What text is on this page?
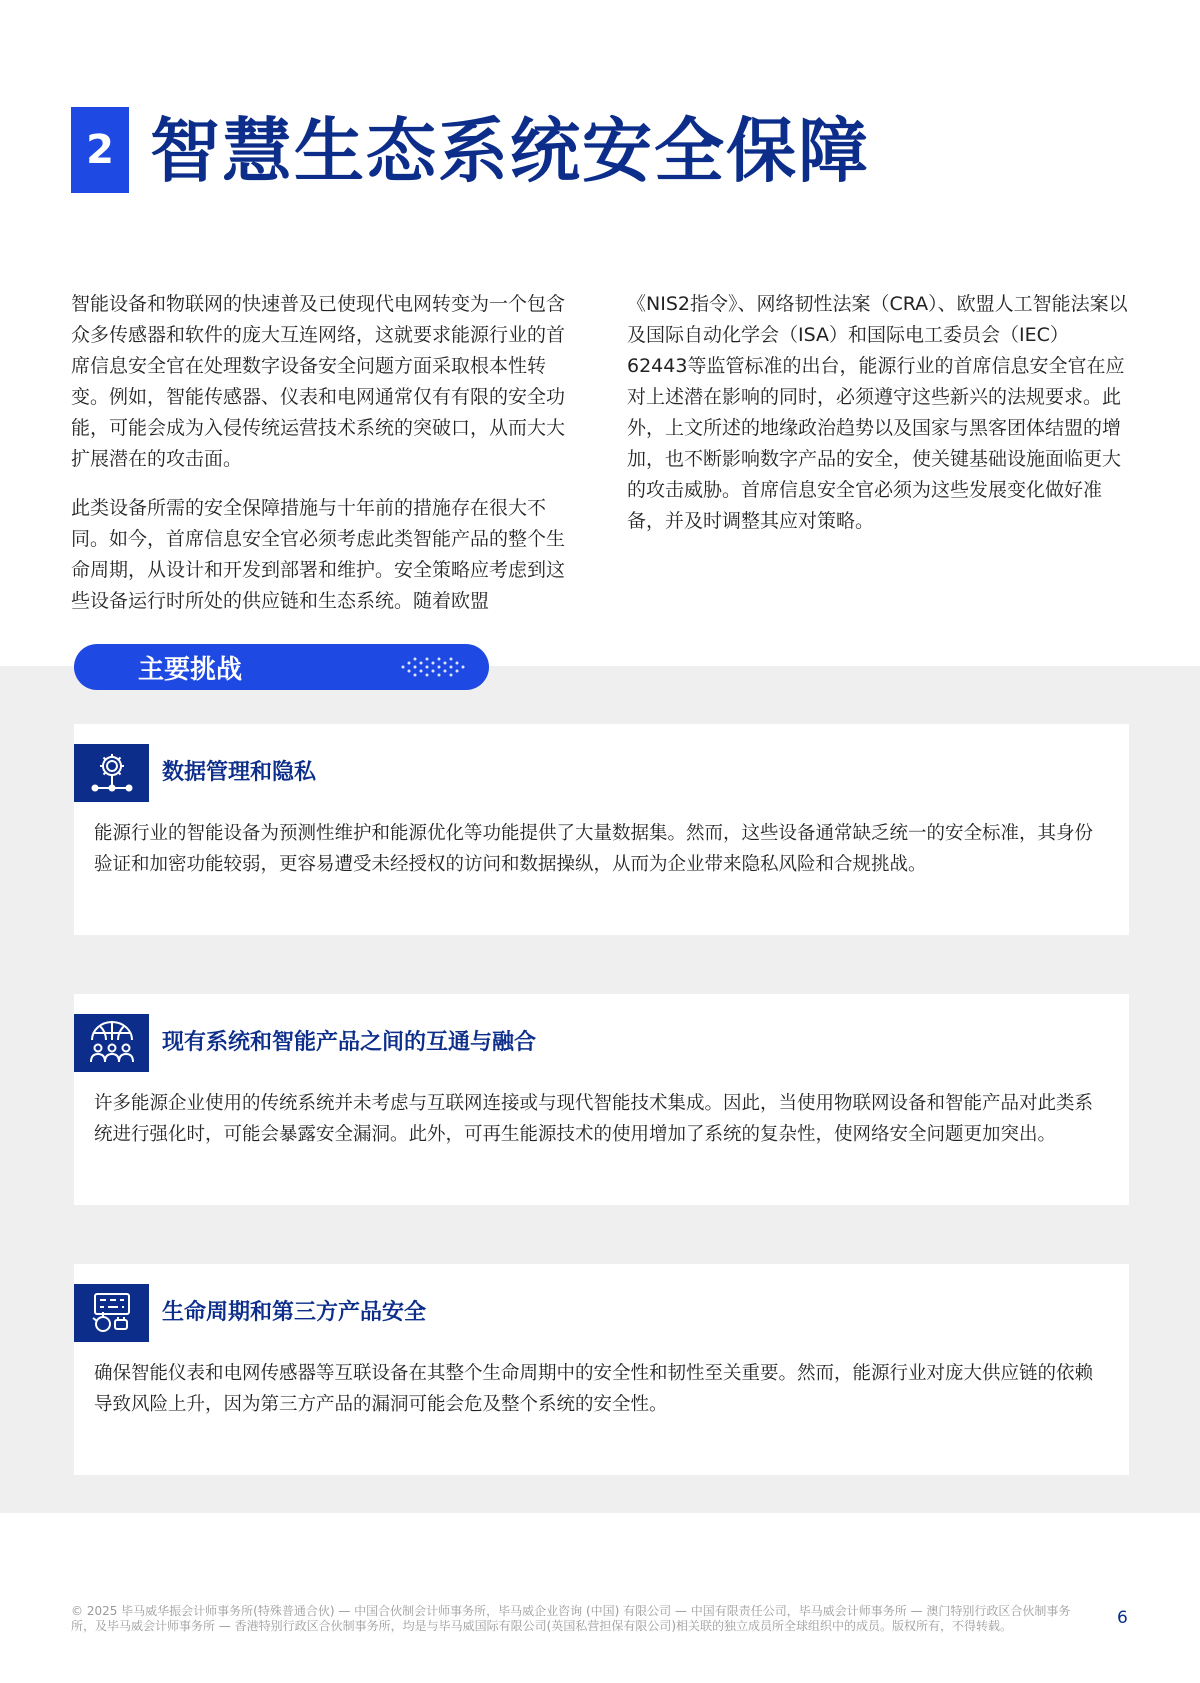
2 智慧生态系统安全保障

智能设备和物联网的快速普及已使现代电网转变为一个包含众多传感器和软件的庞大互连网络，这就要求能源行业的首席信息安全官在处理数字设备安全问题方面采取根本性转变。例如，智能传感器、仪表和电网通常仅有有限的安全功能，可能会成为入侵传统运营技术系统的突破口，从而大大扩展潜在的攻击面。

此类设备所需的安全保障措施与十年前的措施存在很大不同。如今，首席信息安全官必须考虑此类智能产品的整个生命周期，从设计和开发到部署和维护。安全策略应考虑到这些设备运行时所处的供应链和生态系统。随着欧盟

《NIS2指令》、网络韧性法案（CRA）、欧盟人工智能法案以及国际自动化学会（ISA）和国际电工委员会（IEC）62443等监管标准的出台，能源行业的首席信息安全官在应对上述潜在影响的同时，必须遵守这些新兴的法规要求。此外，上文所述的地缘政治趋势以及国家与黑客团体结盟的增加，也不断影响数字产品的安全，使关键基础设施面临更大的攻击威胁。首席信息安全官必须为这些发展变化做好准备，并及时调整其应对策略。

主要挑战
数据管理和隐私
能源行业的智能设备为预测性维护和能源优化等功能提供了大量数据集。然而，这些设备通常缺乏统一的安全标准，其身份验证和加密功能较弱，更容易遭受未经授权的访问和数据操纵，从而为企业带来隐私风险和合规挑战。
现有系统和智能产品之间的互通与融合
许多能源企业使用的传统系统并未考虑与互联网连接或与现代智能技术集成。因此，当使用物联网设备和智能产品对此类系统进行强化时，可能会暴露安全漏洞。此外，可再生能源技术的使用增加了系统的复杂性，使网络安全问题更加突出。
生命周期和第三方产品安全
确保智能仪表和电网传感器等互联设备在其整个生命周期中的安全性和韧性至关重要。然而，能源行业对庞大供应链的依赖导致风险上升，因为第三方产品的漏洞可能会危及整个系统的安全性。
© 2025 毕马威华振会计师事务所(特殊普通合伙) — 中国合伙制会计师事务所，毕马威企业咨询 (中国) 有限公司 — 中国有限责任公司，毕马威会计师事务所 — 澳门特别行政区合伙制事务所，及毕马威会计师事务所 — 香港特别行政区合伙制事务所，均是与毕马威国际有限公司(英国私营担保有限公司)相关联的独立成员所全球组织中的成员。版权所有，不得转载。	6
